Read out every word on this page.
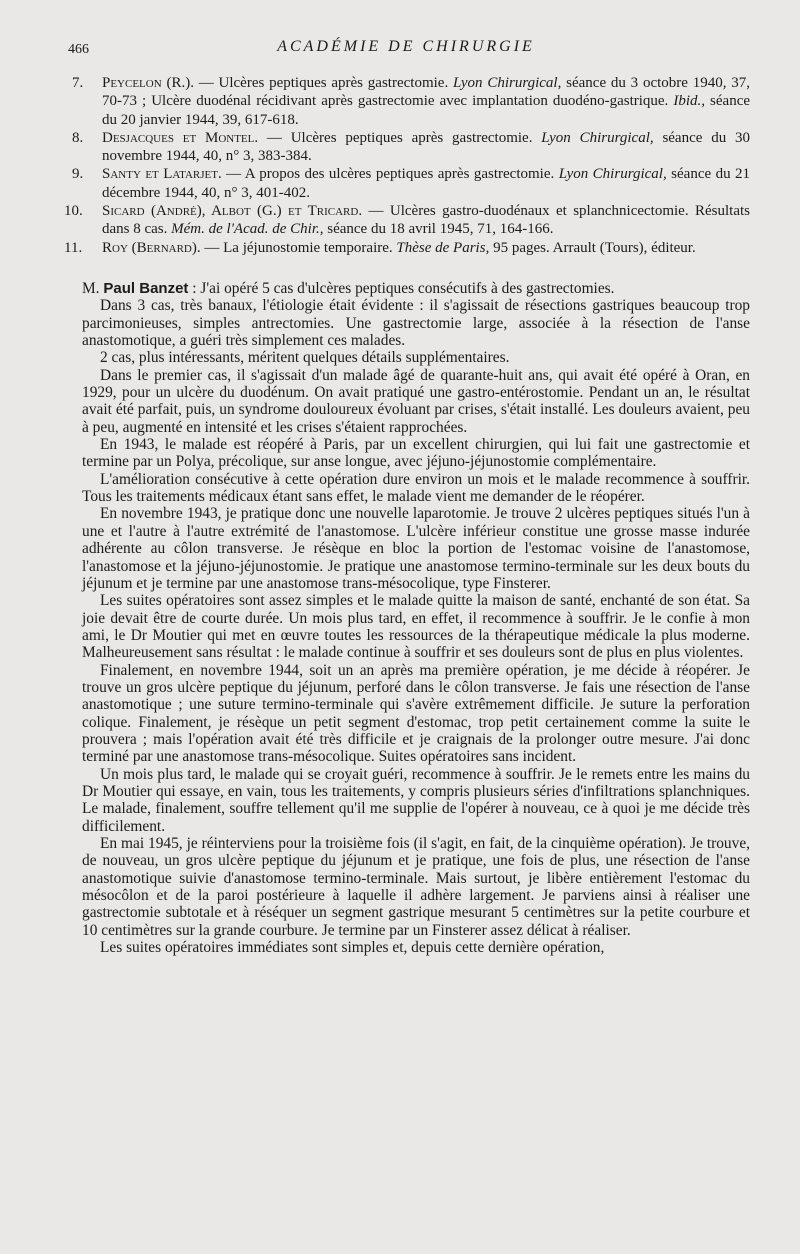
466	ACADÉMIE DE CHIRURGIE
7. Peycelon (R.). — Ulcères peptiques après gastrectomie. Lyon Chirurgical, séance du 3 octobre 1940, 37, 70-73 ; Ulcère duodénal récidivant après gastrectomie avec implantation duodéno-gastrique. Ibid., séance du 20 janvier 1944, 39, 617-618.
8. Desjacques et Montel. — Ulcères peptiques après gastrectomie. Lyon Chirurgical, séance du 30 novembre 1944, 40, n° 3, 383-384.
9. Santy et Latarjet. — A propos des ulcères peptiques après gastrectomie. Lyon Chirurgical, séance du 21 décembre 1944, 40, n° 3, 401-402.
10. Sicard (André), Albot (G.) et Tricard. — Ulcères gastro-duodénaux et splanchnicectomie. Résultats dans 8 cas. Mém. de l'Acad. de Chir., séance du 18 avril 1945, 71, 164-166.
11. Roy (Bernard). — La jéjunostomie temporaire. Thèse de Paris, 95 pages. Arrault (Tours), éditeur.

M. Paul Banzet : J'ai opéré 5 cas d'ulcères peptiques consécutifs à des gastrectomies.

Dans 3 cas, très banaux, l'étiologie était évidente : il s'agissait de résections gastriques beaucoup trop parcimonieuses, simples antrectomies. Une gastrectomie large, associée à la résection de l'anse anastomotique, a guéri très simplement ces malades.

2 cas, plus intéressants, méritent quelques détails supplémentaires.

Dans le premier cas, il s'agissait d'un malade âgé de quarante-huit ans, qui avait été opéré à Oran, en 1929, pour un ulcère du duodénum. On avait pratiqué une gastro-entérostomie. Pendant un an, le résultat avait été parfait, puis, un syndrome douloureux évoluant par crises, s'était installé. Les douleurs avaient, peu à peu, augmenté en intensité et les crises s'étaient rapprochées.

En 1943, le malade est réopéré à Paris, par un excellent chirurgien, qui lui fait une gastrectomie et termine par un Polya, précolique, sur anse longue, avec jéjuno-jéjunostomie complémentaire.

L'amélioration consécutive à cette opération dure environ un mois et le malade recommence à souffrir. Tous les traitements médicaux étant sans effet, le malade vient me demander de le réopérer.

En novembre 1943, je pratique donc une nouvelle laparotomie. Je trouve 2 ulcères peptiques situés l'un à une et l'autre à l'autre extrémité de l'anastomose. L'ulcère inférieur constitue une grosse masse indurée adhérente au côlon transverse. Je résèque en bloc la portion de l'estomac voisine de l'anastomose, l'anastomose et la jéjuno-jéjunostomie. Je pratique une anastomose termino-terminale sur les deux bouts du jéjunum et je termine par une anastomose trans-mésocolique, type Finsterer.

Les suites opératoires sont assez simples et le malade quitte la maison de santé, enchanté de son état. Sa joie devait être de courte durée. Un mois plus tard, en effet, il recommence à souffrir. Je le confie à mon ami, le Dr Moutier qui met en œuvre toutes les ressources de la thérapeutique médicale la plus moderne. Malheureusement sans résultat : le malade continue à souffrir et ses douleurs sont de plus en plus violentes.

Finalement, en novembre 1944, soit un an après ma première opération, je me décide à réopérer. Je trouve un gros ulcère peptique du jéjunum, perforé dans le côlon transverse. Je fais une résection de l'anse anastomotique ; une suture termino-terminale qui s'avère extrêmement difficile. Je suture la perforation colique. Finalement, je résèque un petit segment d'estomac, trop petit certainement comme la suite le prouvera ; mais l'opération avait été très difficile et je craignais de la prolonger outre mesure. J'ai donc terminé par une anastomose trans-mésocolique. Suites opératoires sans incident.

Un mois plus tard, le malade qui se croyait guéri, recommence à souffrir. Je le remets entre les mains du Dr Moutier qui essaye, en vain, tous les traitements, y compris plusieurs séries d'infiltrations splanchniques. Le malade, finalement, souffre tellement qu'il me supplie de l'opérer à nouveau, ce à quoi je me décide très difficilement.

En mai 1945, je réinterviens pour la troisième fois (il s'agit, en fait, de la cinquième opération). Je trouve, de nouveau, un gros ulcère peptique du jéjunum et je pratique, une fois de plus, une résection de l'anse anastomotique suivie d'anastomose termino-terminale. Mais surtout, je libère entièrement l'estomac du mésocôlon et de la paroi postérieure à laquelle il adhère largement. Je parviens ainsi à réaliser une gastrectomie subtotale et à réséquer un segment gastrique mesurant 5 centimètres sur la petite courbure et 10 centimètres sur la grande courbure. Je termine par un Finsterer assez délicat à réaliser.

Les suites opératoires immédiates sont simples et, depuis cette dernière opération,
